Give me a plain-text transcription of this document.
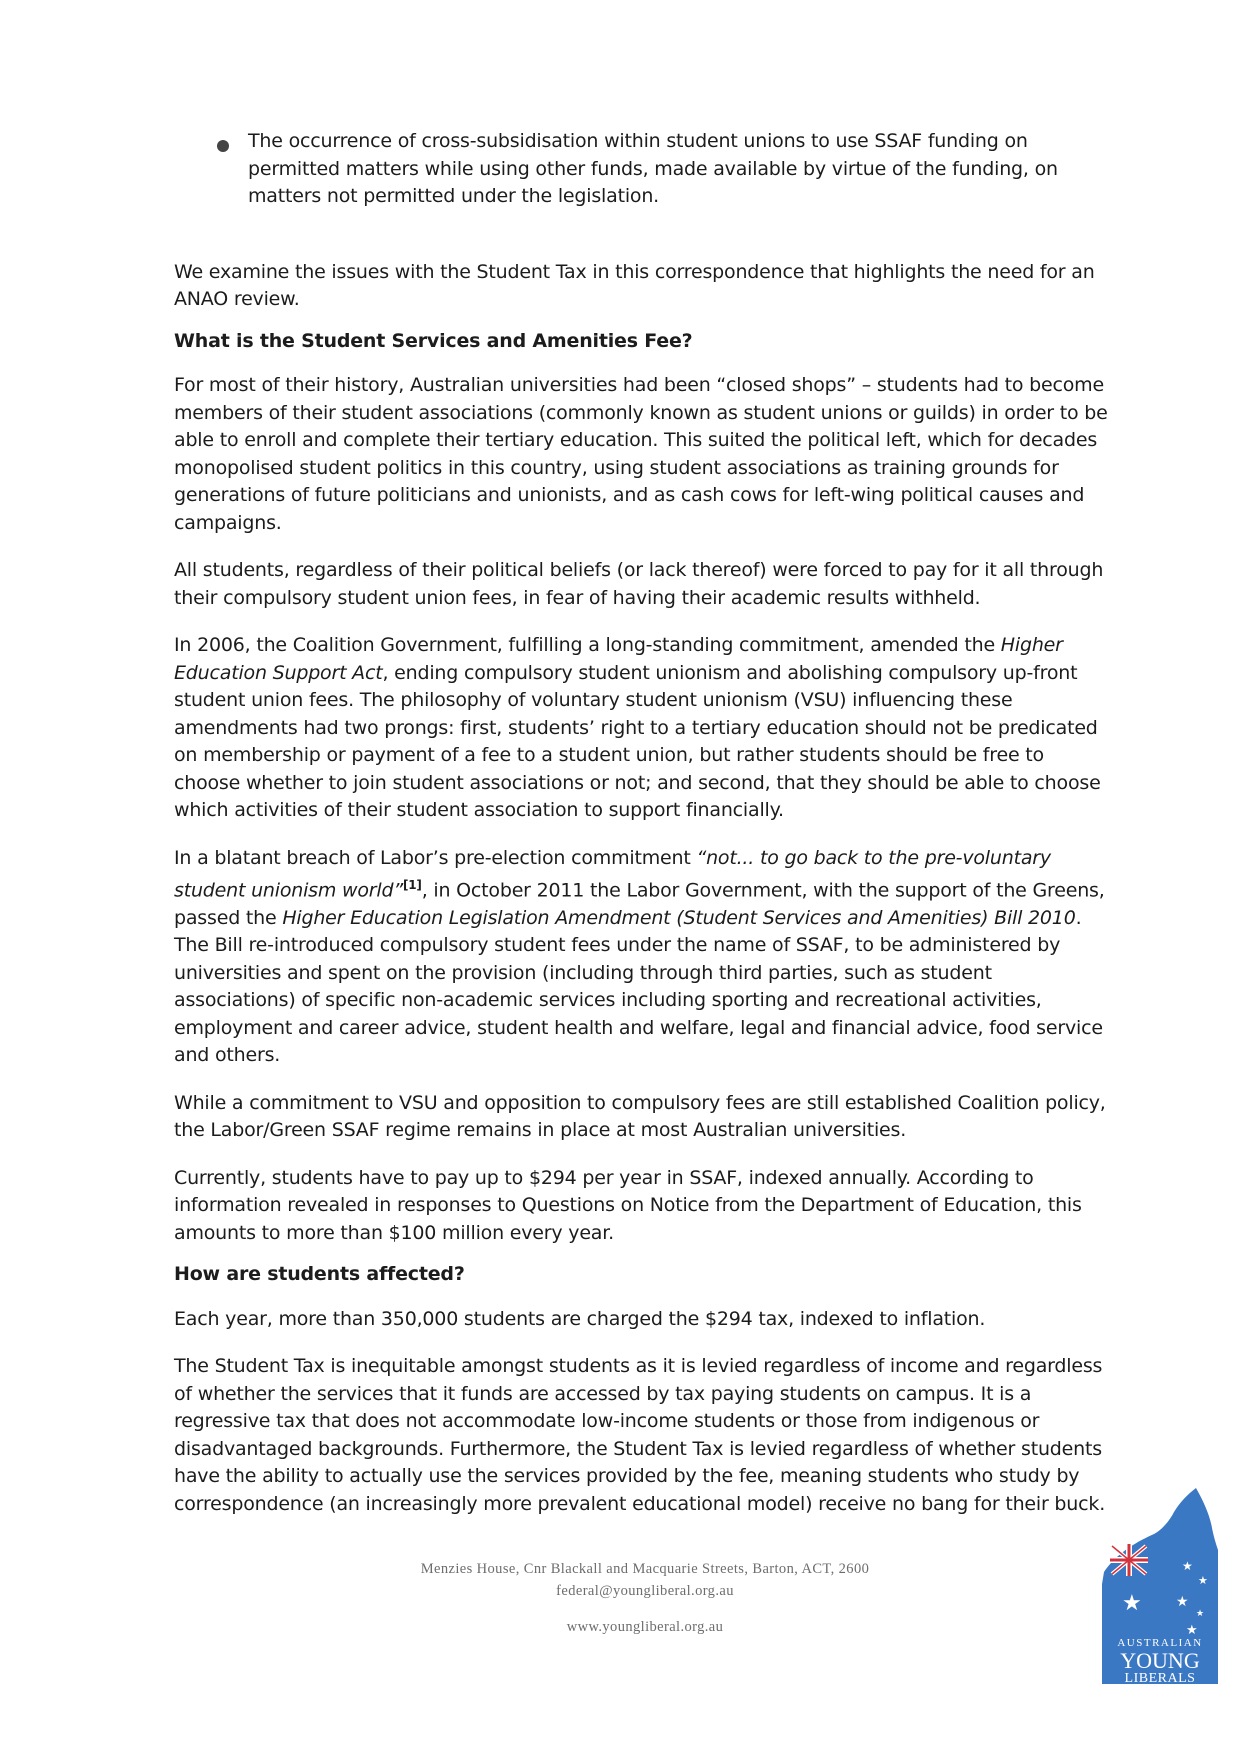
The occurrence of cross-subsidisation within student unions to use SSAF funding on permitted matters while using other funds, made available by virtue of the funding, on matters not permitted under the legislation.

We examine the issues with the Student Tax in this correspondence that highlights the need for an ANAO review.

What is the Student Services and Amenities Fee?

For most of their history, Australian universities had been “closed shops” – students had to become members of their student associations (commonly known as student unions or guilds) in order to be able to enroll and complete their tertiary education. This suited the political left, which for decades monopolised student politics in this country, using student associations as training grounds for generations of future politicians and unionists, and as cash cows for left-wing political causes and campaigns.

All students, regardless of their political beliefs (or lack thereof) were forced to pay for it all through their compulsory student union fees, in fear of having their academic results withheld.

In 2006, the Coalition Government, fulfilling a long-standing commitment, amended the Higher Education Support Act, ending compulsory student unionism and abolishing compulsory up-front student union fees. The philosophy of voluntary student unionism (VSU) influencing these amendments had two prongs: first, students’ right to a tertiary education should not be predicated on membership or payment of a fee to a student union, but rather students should be free to choose whether to join student associations or not; and second, that they should be able to choose which activities of their student association to support financially.

In a blatant breach of Labor’s pre-election commitment “not... to go back to the pre-voluntary student unionism world”[1], in October 2011 the Labor Government, with the support of the Greens, passed the Higher Education Legislation Amendment (Student Services and Amenities) Bill 2010. The Bill re-introduced compulsory student fees under the name of SSAF, to be administered by universities and spent on the provision (including through third parties, such as student associations) of specific non-academic services including sporting and recreational activities, employment and career advice, student health and welfare, legal and financial advice, food service and others.

While a commitment to VSU and opposition to compulsory fees are still established Coalition policy, the Labor/Green SSAF regime remains in place at most Australian universities.

Currently, students have to pay up to $294 per year in SSAF, indexed annually. According to information revealed in responses to Questions on Notice from the Department of Education, this amounts to more than $100 million every year.

How are students affected?

Each year, more than 350,000 students are charged the $294 tax, indexed to inflation.

The Student Tax is inequitable amongst students as it is levied regardless of income and regardless of whether the services that it funds are accessed by tax paying students on campus. It is a regressive tax that does not accommodate low-income students or those from indigenous or disadvantaged backgrounds. Furthermore, the Student Tax is levied regardless of whether students have the ability to actually use the services provided by the fee, meaning students who study by correspondence (an increasingly more prevalent educational model) receive no bang for their buck.

Menzies House, Cnr Blackall and Macquarie Streets, Barton, ACT, 2600
federal@youngliberal.org.au
www.youngliberal.org.au
★
★
★
★
★
★
AUSTRALIAN
YOUNG
LIBERALS
